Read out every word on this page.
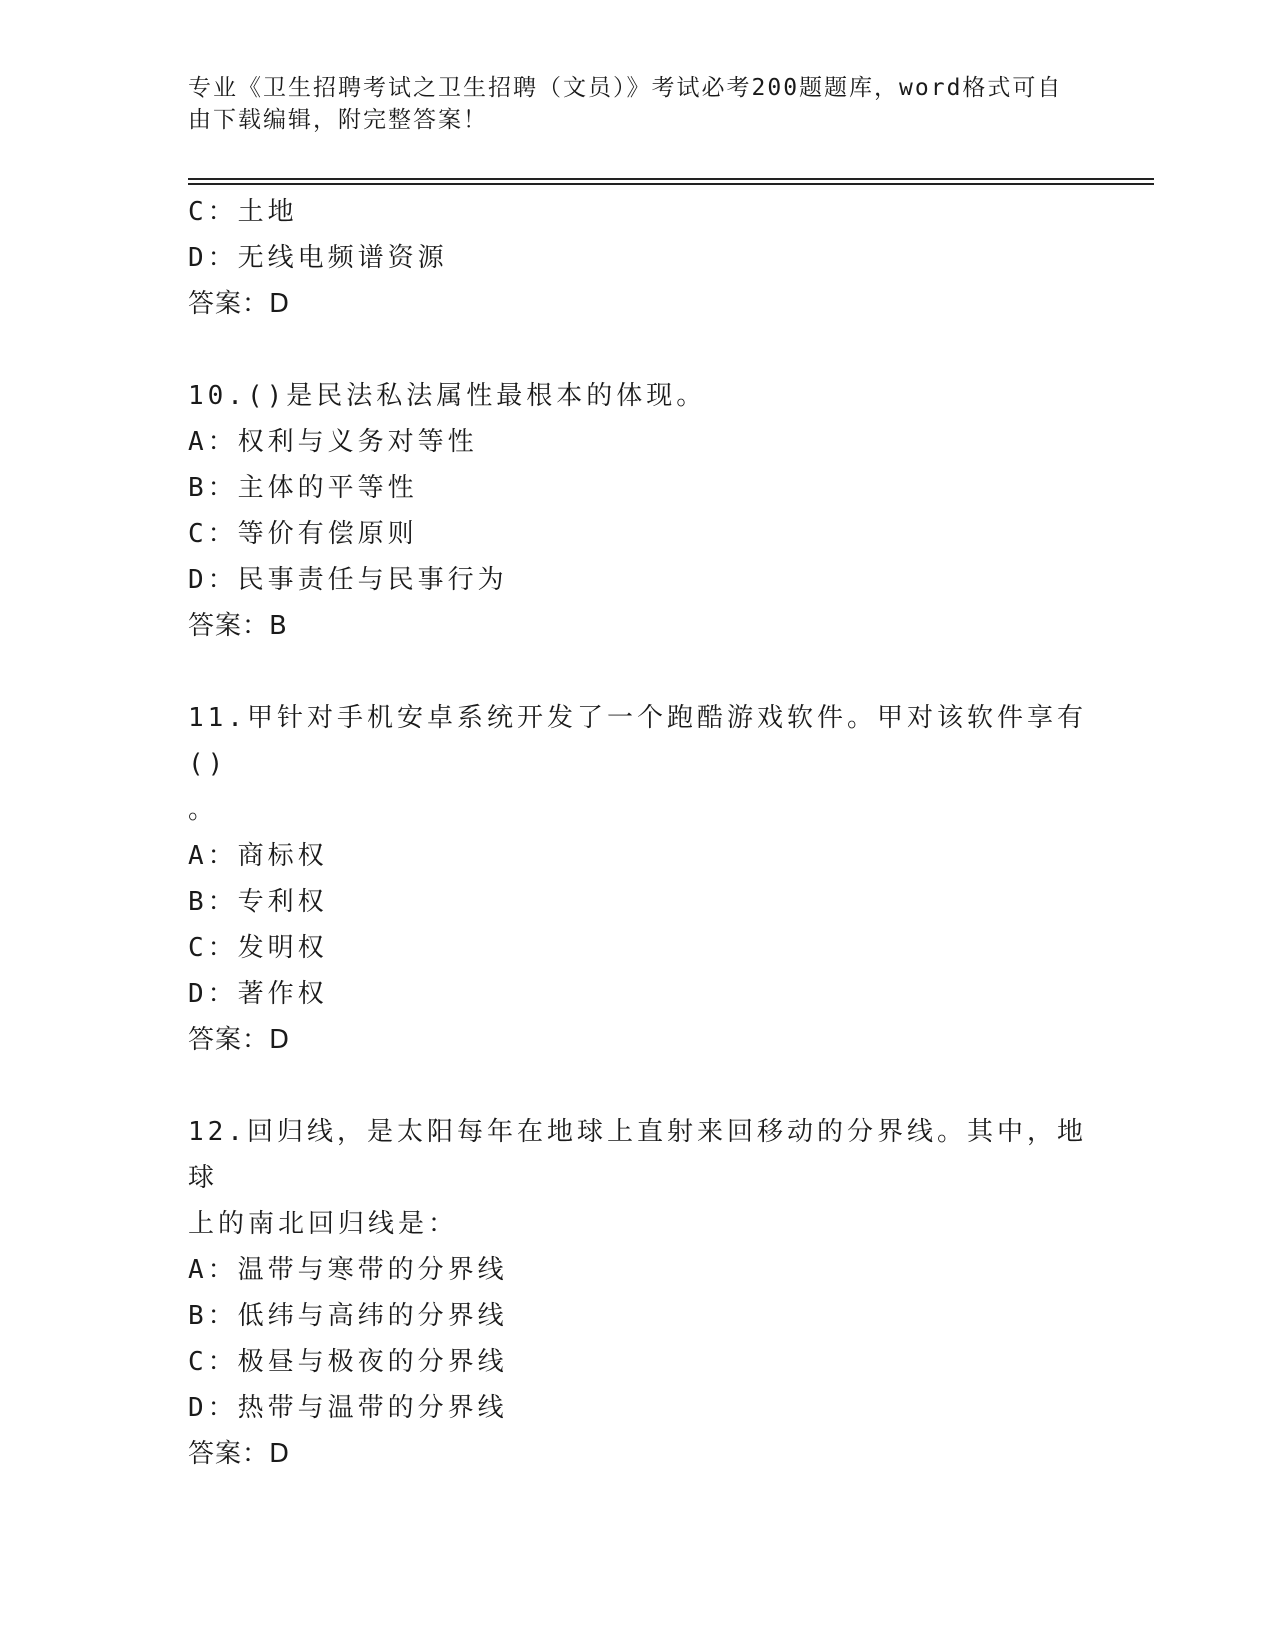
专业《卫生招聘考试之卫生招聘（文员）》考试必考200题题库，word格式可自
由下载编辑，附完整答案！
C：土地
D：无线电频谱资源
答案：D
10.()是民法私法属性最根本的体现。
A：权利与义务对等性
B：主体的平等性
C：等价有偿原则
D：民事责任与民事行为
答案：B
11.甲针对手机安卓系统开发了一个跑酷游戏软件。甲对该软件享有()
。
A：商标权
B：专利权
C：发明权
D：著作权
答案：D
12.回归线，是太阳每年在地球上直射来回移动的分界线。其中，地球
上的南北回归线是：
A：温带与寒带的分界线
B：低纬与高纬的分界线
C：极昼与极夜的分界线
D：热带与温带的分界线
答案：D
